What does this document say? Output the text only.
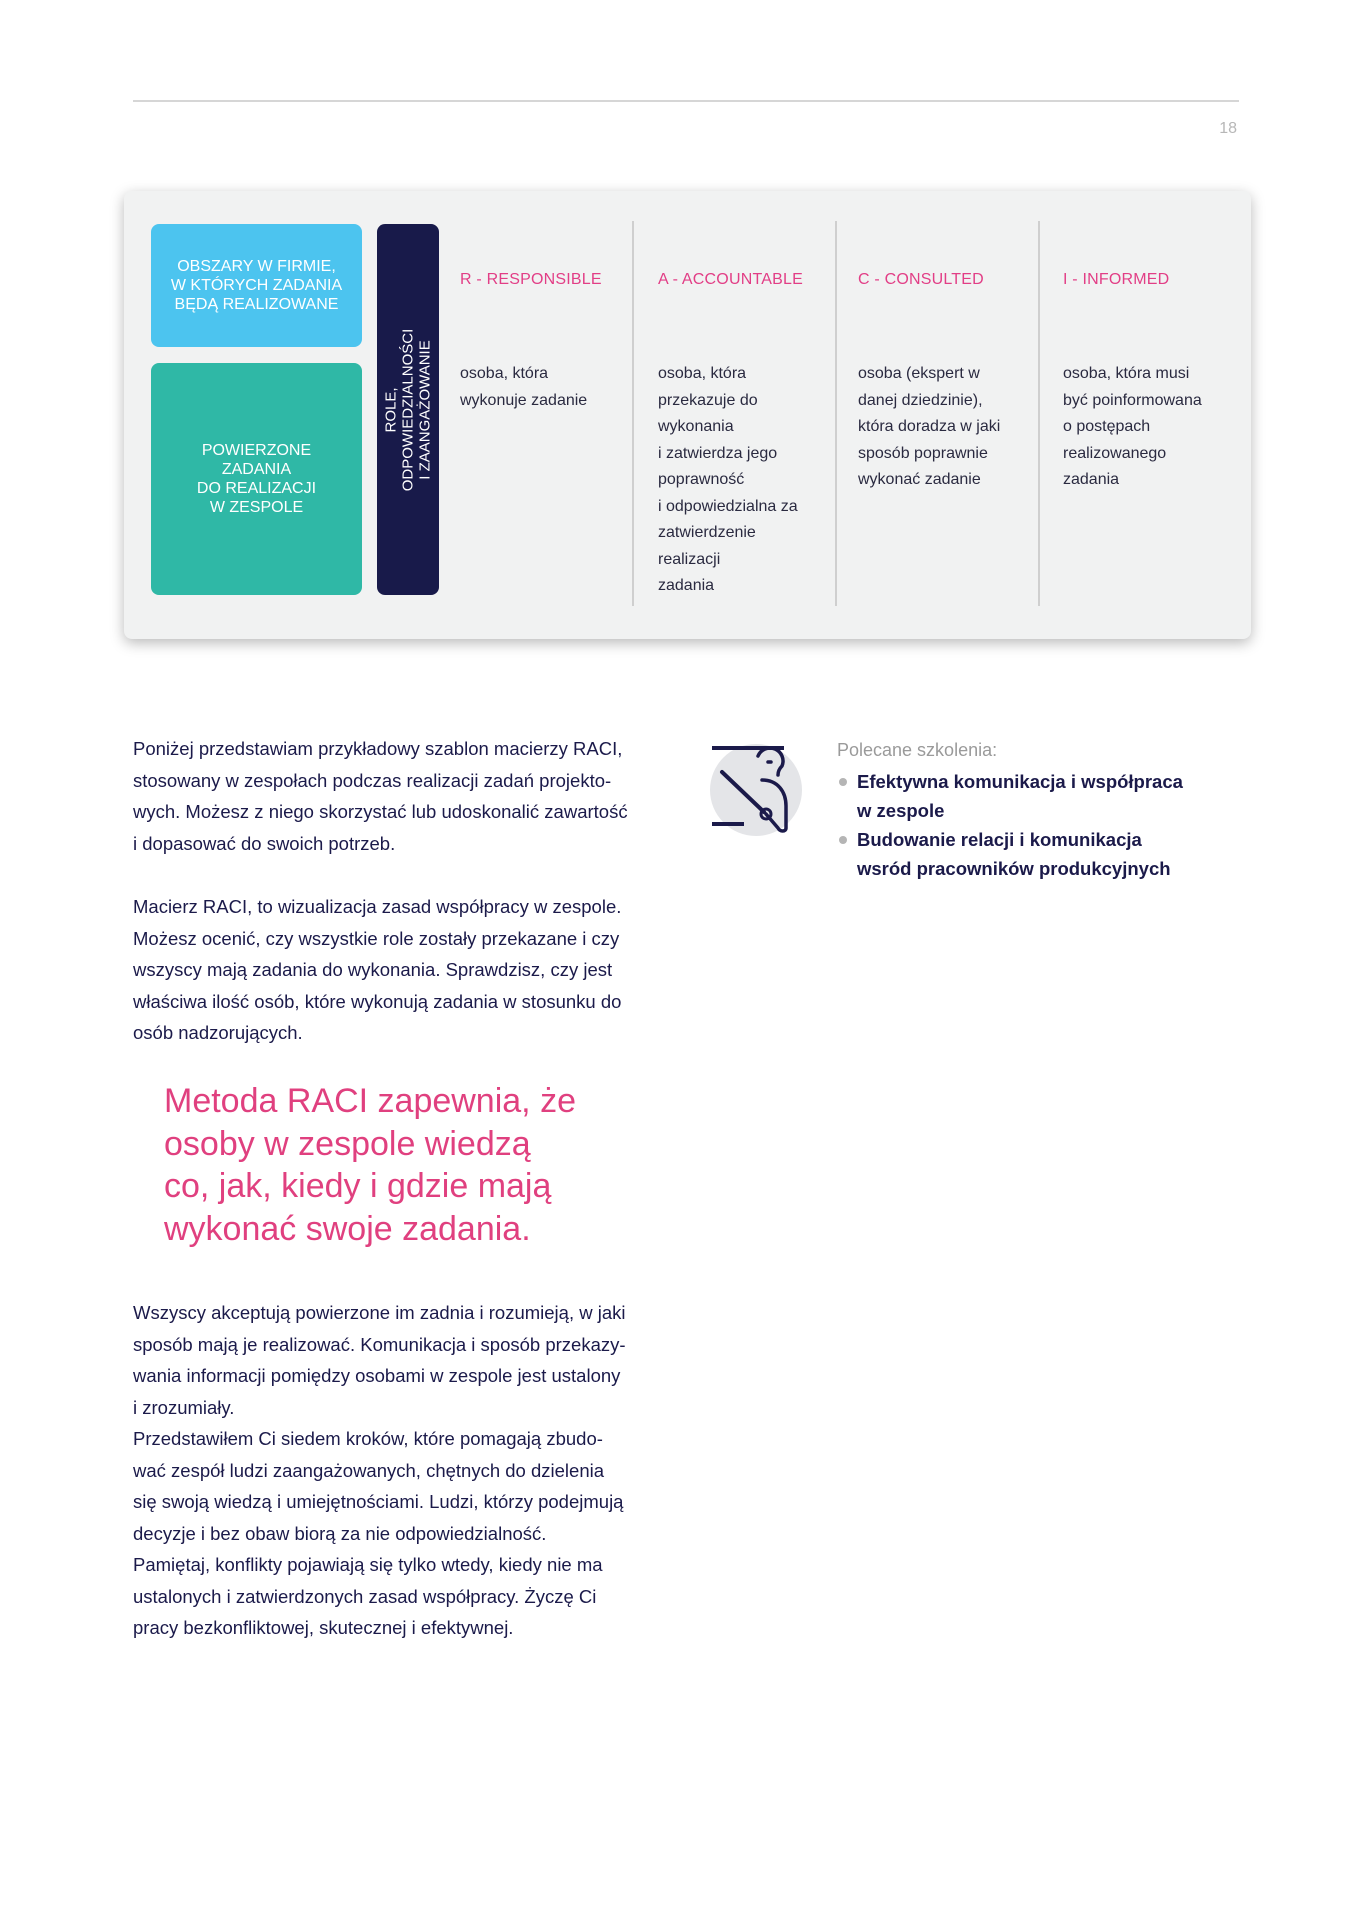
18
OBSZARY W FIRMIE,
W KTÓRYCH ZADANIA
BĘDĄ REALIZOWANE
POWIERZONE
ZADANIA
DO REALIZACJI
W ZESPOLE
ROLE, ODPOWIEDZIALNOŚCI
I ZAANGAŻOWANIE
R - RESPONSIBLE
osoba, która
wykonuje zadanie
A - ACCOUNTABLE
osoba, która
przekazuje do
wykonania
i zatwierdza jego
poprawność
i odpowiedzialna za
zatwierdzenie
realizacji
zadania
C - CONSULTED
osoba (ekspert w
danej dziedzinie),
która doradza w jaki
sposób poprawnie
wykonać zadanie
I - INFORMED
osoba, która musi
być poinformowana
o postępach
realizowanego
zadania
Poniżej przedstawiam przykładowy szablon macierzy RACI,
stosowany w zespołach podczas realizacji zadań projekto-
wych. Możesz z niego skorzystać lub udoskonalić zawartość
i dopasować do swoich potrzeb.
Macierz RACI, to wizualizacja zasad współpracy w zespole.
Możesz ocenić, czy wszystkie role zostały przekazane i czy
wszyscy mają zadania do wykonania. Sprawdzisz, czy jest
właściwa ilość osób, które wykonują zadania w stosunku do
osób nadzorujących.
Metoda RACI zapewnia, że
osoby w zespole wiedzą
co, jak, kiedy i gdzie mają
wykonać swoje zadania.
Wszyscy akceptują powierzone im zadnia i rozumieją, w jaki
sposób mają je realizować. Komunikacja i sposób przekazy-
wania informacji pomiędzy osobami w zespole jest ustalony
i zrozumiały.
Przedstawiłem Ci siedem kroków, które pomagają zbudo-
wać zespół ludzi zaangażowanych, chętnych do dzielenia
się swoją wiedzą i umiejętnościami. Ludzi, którzy podejmują
decyzje i bez obaw biorą za nie odpowiedzialność.
Pamiętaj, konflikty pojawiają się tylko wtedy, kiedy nie ma
ustalonych i zatwierdzonych zasad współpracy. Życzę Ci
pracy bezkonfliktowej, skutecznej i efektywnej.
Polecane szkolenia:
Efektywna komunikacja i współpraca
w zespole
Budowanie relacji i komunikacja
wsród pracowników produkcyjnych
